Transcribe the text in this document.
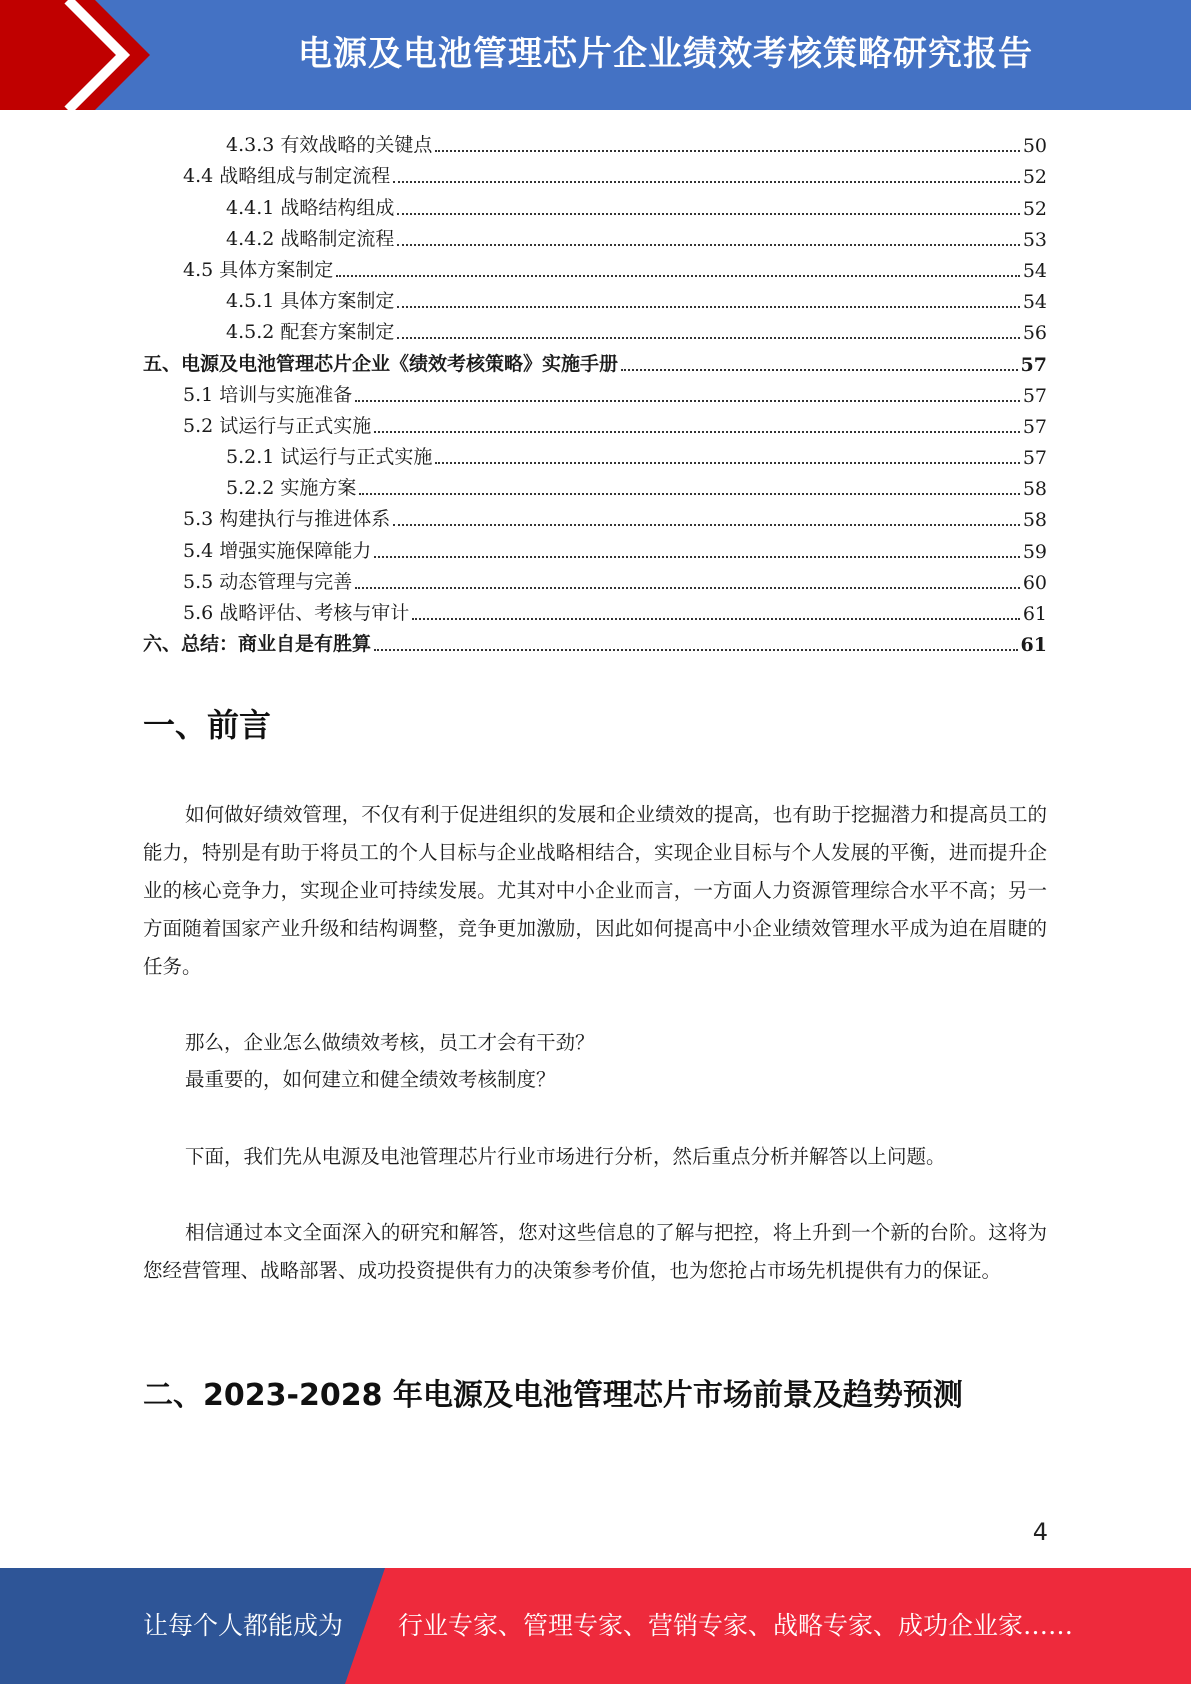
电源及电池管理芯片企业绩效考核策略研究报告
4.3.3 有效战略的关键点	50
4.4 战略组成与制定流程	52
4.4.1 战略结构组成	52
4.4.2 战略制定流程	53
4.5 具体方案制定	54
4.5.1 具体方案制定	54
4.5.2 配套方案制定	56
五、电源及电池管理芯片企业《绩效考核策略》实施手册	57
5.1 培训与实施准备	57
5.2 试运行与正式实施	57
5.2.1 试运行与正式实施	57
5.2.2 实施方案	58
5.3 构建执行与推进体系	58
5.4 增强实施保障能力	59
5.5 动态管理与完善	60
5.6 战略评估、考核与审计	61
六、总结：商业自是有胜算	61
一、前言

如何做好绩效管理，不仅有利于促进组织的发展和企业绩效的提高，也有助于挖掘潜力和提高员工的能力，特别是有助于将员工的个人目标与企业战略相结合，实现企业目标与个人发展的平衡，进而提升企业的核心竞争力，实现企业可持续发展。尤其对中小企业而言，一方面人力资源管理综合水平不高；另一方面随着国家产业升级和结构调整，竞争更加激励，因此如何提高中小企业绩效管理水平成为迫在眉睫的任务。

那么，企业怎么做绩效考核，员工才会有干劲？

最重要的，如何建立和健全绩效考核制度？

下面，我们先从电源及电池管理芯片行业市场进行分析，然后重点分析并解答以上问题。

相信通过本文全面深入的研究和解答，您对这些信息的了解与把控，将上升到一个新的台阶。这将为您经营管理、战略部署、成功投资提供有力的决策参考价值，也为您抢占市场先机提供有力的保证。

二、2023-2028 年电源及电池管理芯片市场前景及趋势预测
4
让每个人都能成为 行业专家、管理专家、营销专家、战略专家、成功企业家……
